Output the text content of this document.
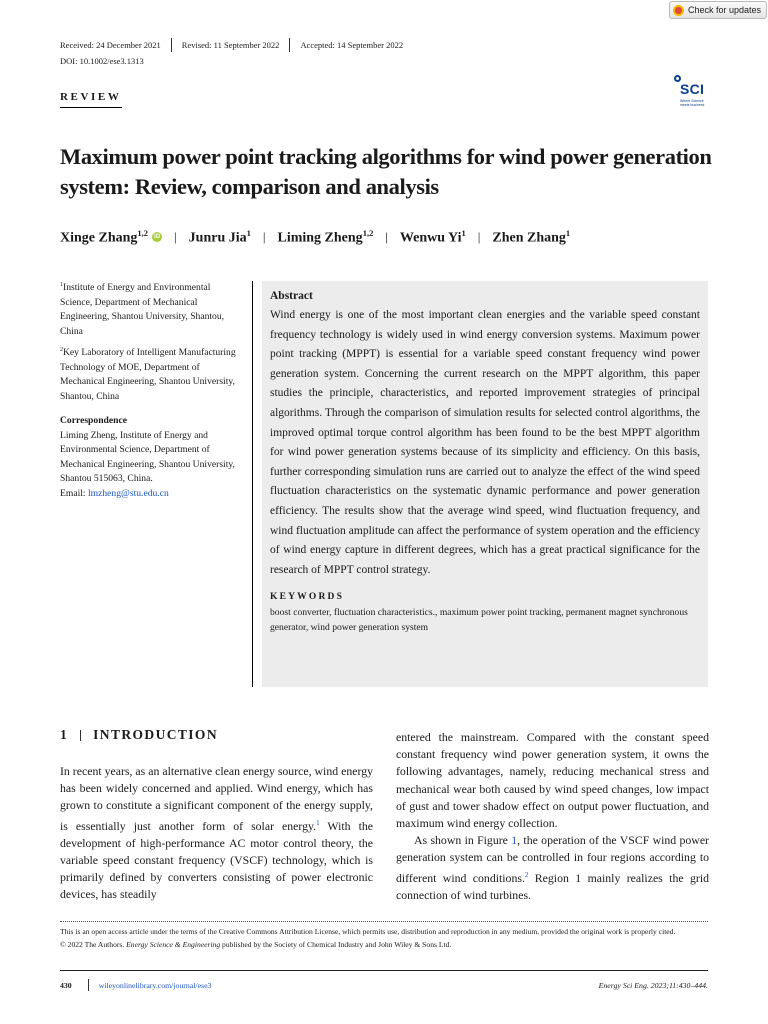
Received: 24 December 2021 Revised: 11 September 2022 Accepted: 14 September 2022
DOI: 10.1002/ese3.1313
Check for updates
REVIEW	SCI
Where Science meets business
Maximum power point tracking algorithms for wind power generation system: Review, comparison and analysis
Xinge Zhang$^{1,2}$	iD | Junru Jia$^1$ | Liming Zheng$^{1,2}$ | Wenwu Yi$^1$ | Zhen Zhang$^1$

$^1$Institute of Energy and Environmental Science, Department of Mechanical Engineering, Shantou University, Shantou, China

$^2$Key Laboratory of Intelligent Manufacturing Technology of MOE, Department of Mechanical Engineering, Shantou University, Shantou, China

Correspondence

Liming Zheng, Institute of Energy and Environmental Science, Department of Mechanical Engineering, Shantou University, Shantou 515063, China.
Email: lmzheng@stu.edu.cn

Abstract
Wind energy is one of the most important clean energies and the variable speed constant frequency technology is widely used in wind energy conversion systems. Maximum power point tracking (MPPT) is essential for a variable speed constant frequency wind power generation system. Concerning the current research on the MPPT algorithm, this paper studies the principle, characteristics, and reported improvement strategies of principal algorithms. Through the comparison of simulation results for selected control algorithms, the improved optimal torque control algorithm has been found to be the best MPPT algorithm for wind power generation systems because of its simplicity and efficiency. On this basis, further corresponding simulation runs are carried out to analyze the effect of the wind speed fluctuation characteristics on the systematic dynamic performance and power generation efficiency. The results show that the average wind speed, wind fluctuation frequency, and wind fluctuation amplitude can affect the performance of system operation and the efficiency of wind energy capture in different degrees, which has a great practical significance for the research of MPPT control strategy.
KEYWORDS
boost converter, fluctuation characteristics., maximum power point tracking, permanent magnet synchronous generator, wind power generation system
1 INTRODUCTION

In recent years, as an alternative clean energy source, wind energy has been widely concerned and applied. Wind energy, which has grown to constitute a significant component of the energy supply, is essentially just another form of solar energy.$^1$ With the development of high-performance AC motor control theory, the variable speed constant frequency (VSCF) technology, which is primarily defined by converters consisting of power electronic devices, has steadily

entered the mainstream. Compared with the constant speed constant frequency wind power generation system, it owns the following advantages, namely, reducing mechanical stress and mechanical wear both caused by wind speed changes, low impact of gust and tower shadow effect on output power fluctuation, and maximum wind energy collection.

As shown in Figure 1, the operation of the VSCF wind power generation system can be controlled in four regions according to different wind conditions.$^2$ Region 1 mainly realizes the grid connection of wind turbines.

This is an open access article under the terms of the Creative Commons Attribution License, which permits use, distribution and reproduction in any medium, provided the original work is properly cited.
© 2022 The Authors. Energy Science & Engineering published by the Society of Chemical Industry and John Wiley & Sons Ltd.
430	wileyonlinelibrary.com/journal/ese3	Energy Sci Eng. 2023;11:430–444.
